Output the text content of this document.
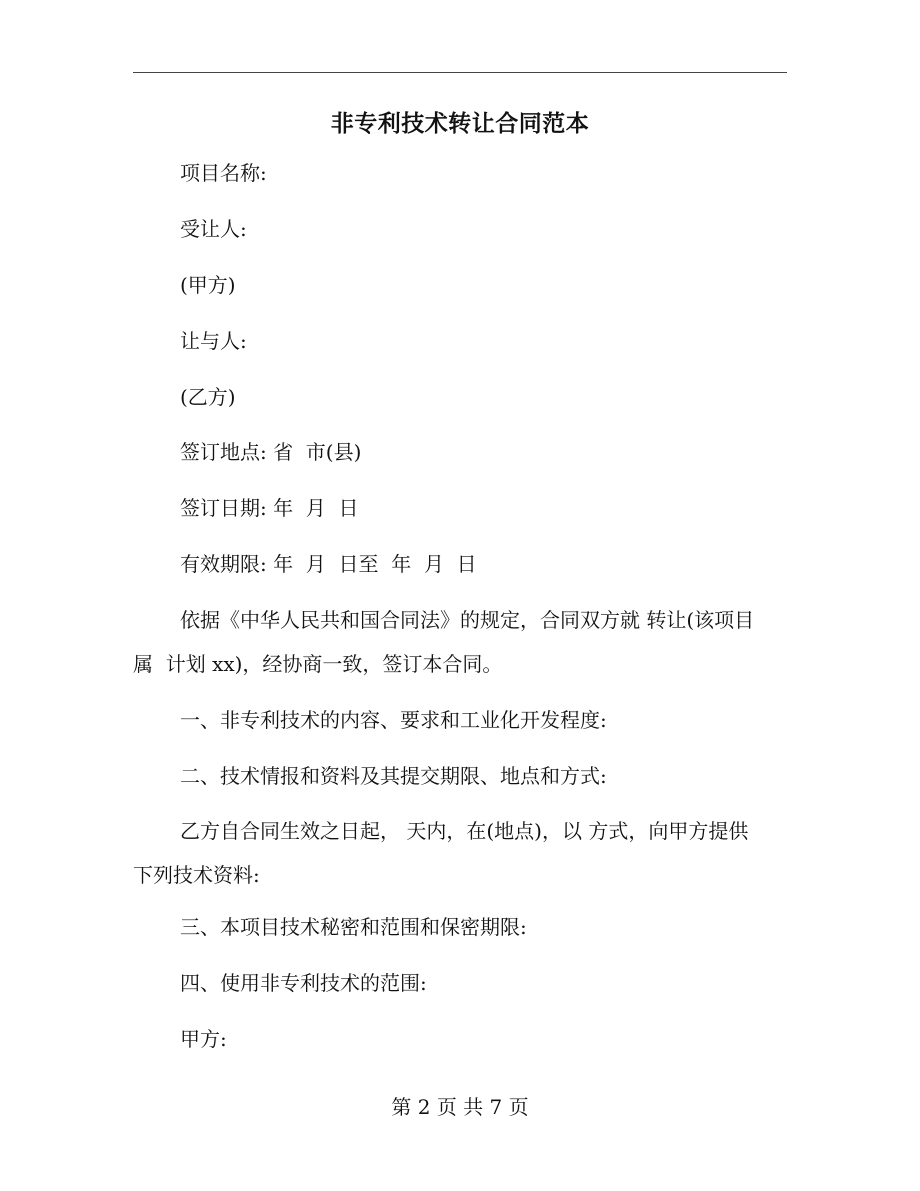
非专利技术转让合同范本
项目名称:
受让人:
(甲方)
让与人:
(乙方)
签订地点: 省  市(县)
签订日期: 年  月  日
有效期限: 年  月  日至  年  月  日
依据《中华人民共和国合同法》的规定，合同双方就 转让(该项目
属  计划 xx)，经协商一致，签订本合同。
一、非专利技术的内容、要求和工业化开发程度:
二、技术情报和资料及其提交期限、地点和方式:
乙方自合同生效之日起， 天内，在(地点)，以 方式，向甲方提供
下列技术资料:
三、本项目技术秘密和范围和保密期限:
四、使用非专利技术的范围:
甲方:
第 2 页 共 7 页
